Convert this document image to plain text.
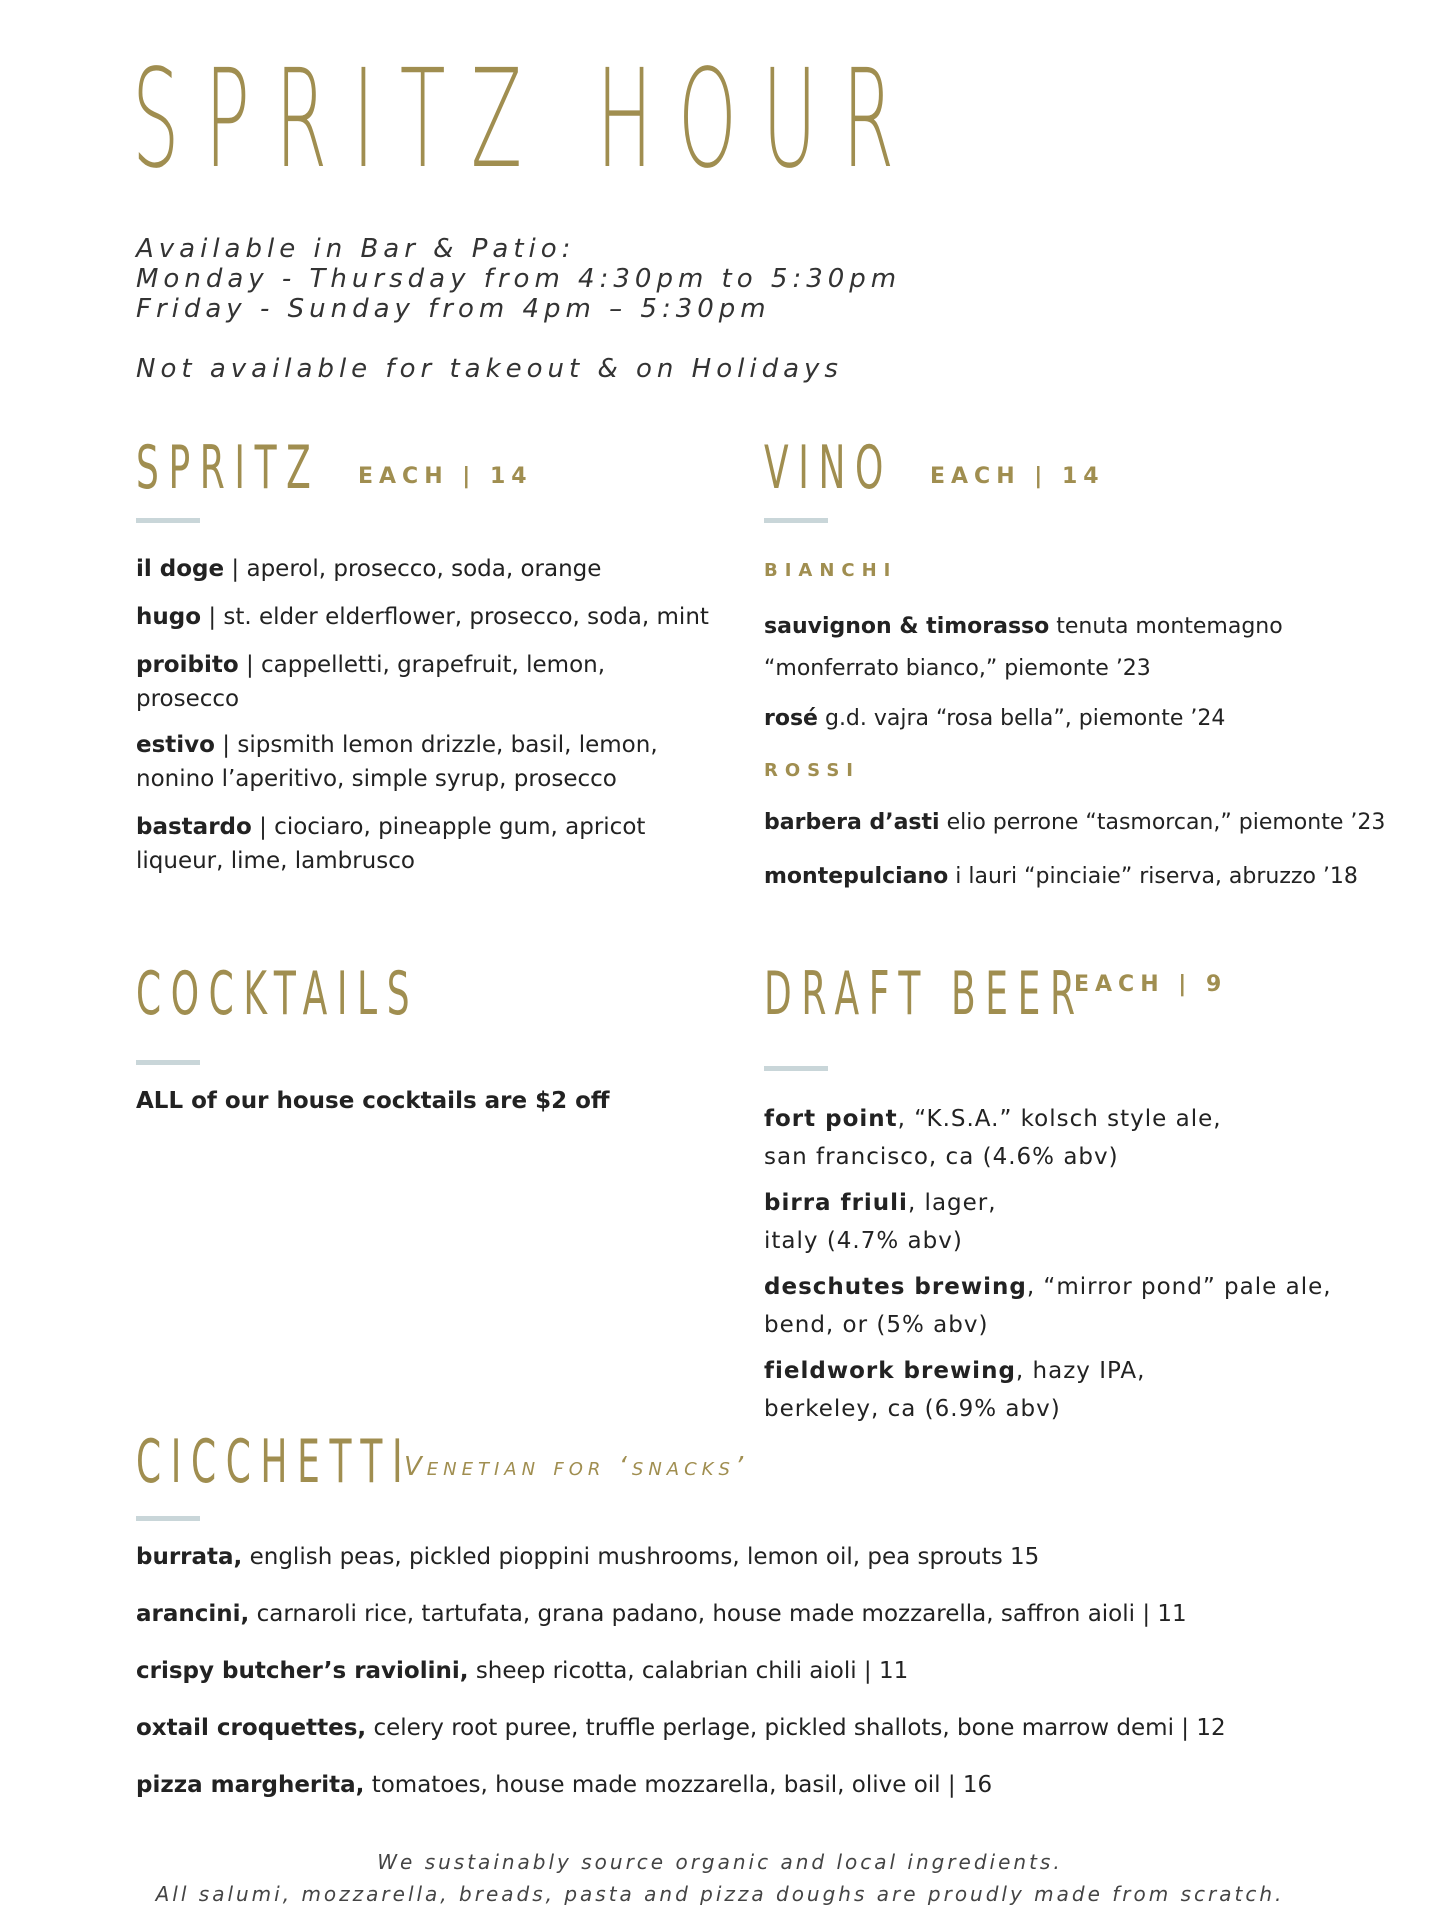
SPRITZ HOUR
Available in Bar & Patio:
Monday - Thursday from 4:30pm to 5:30pm
Friday - Sunday from 4pm – 5:30pm
Not available for takeout & on Holidays
SPRITZ	EACH | 14
il doge | aperol, prosecco, soda, orange
hugo | st. elder elderflower, prosecco, soda, mint
proibito | cappelletti, grapefruit, lemon,
prosecco
estivo | sipsmith lemon drizzle, basil, lemon,
nonino l’aperitivo, simple syrup, prosecco
bastardo | ciociaro, pineapple gum, apricot
liqueur, lime, lambrusco
VINO	EACH | 14
BIANCHI
sauvignon & timorasso tenuta montemagno
“monferrato bianco,” piemonte ’23
rosé g.d. vajra “rosa bella”, piemonte ’24
ROSSI
barbera d’asti elio perrone “tasmorcan,” piemonte ’23
montepulciano i lauri “pinciaie” riserva, abruzzo ’18
COCKTAILS
ALL of our house cocktails are $2 off
DRAFT BEER
EACH | 9
fort point, “K.S.A.” kolsch style ale,
san francisco, ca (4.6% abv)
birra friuli, lager,
italy (4.7% abv)
deschutes brewing, “mirror pond” pale ale,
bend, or (5% abv)
fieldwork brewing, hazy IPA,
berkeley, ca (6.9% abv)
CICCHETTI
Venetian for ‘snacks’
burrata, english peas, pickled pioppini mushrooms, lemon oil, pea sprouts 15
arancini, carnaroli rice, tartufata, grana padano, house made mozzarella, saffron aioli | 11
crispy butcher’s raviolini, sheep ricotta, calabrian chili aioli | 11
oxtail croquettes, celery root puree, truffle perlage, pickled shallots, bone marrow demi | 12
pizza margherita, tomatoes, house made mozzarella, basil, olive oil | 16
We sustainably source organic and local ingredients.
All salumi, mozzarella, breads, pasta and pizza doughs are proudly made from scratch.
